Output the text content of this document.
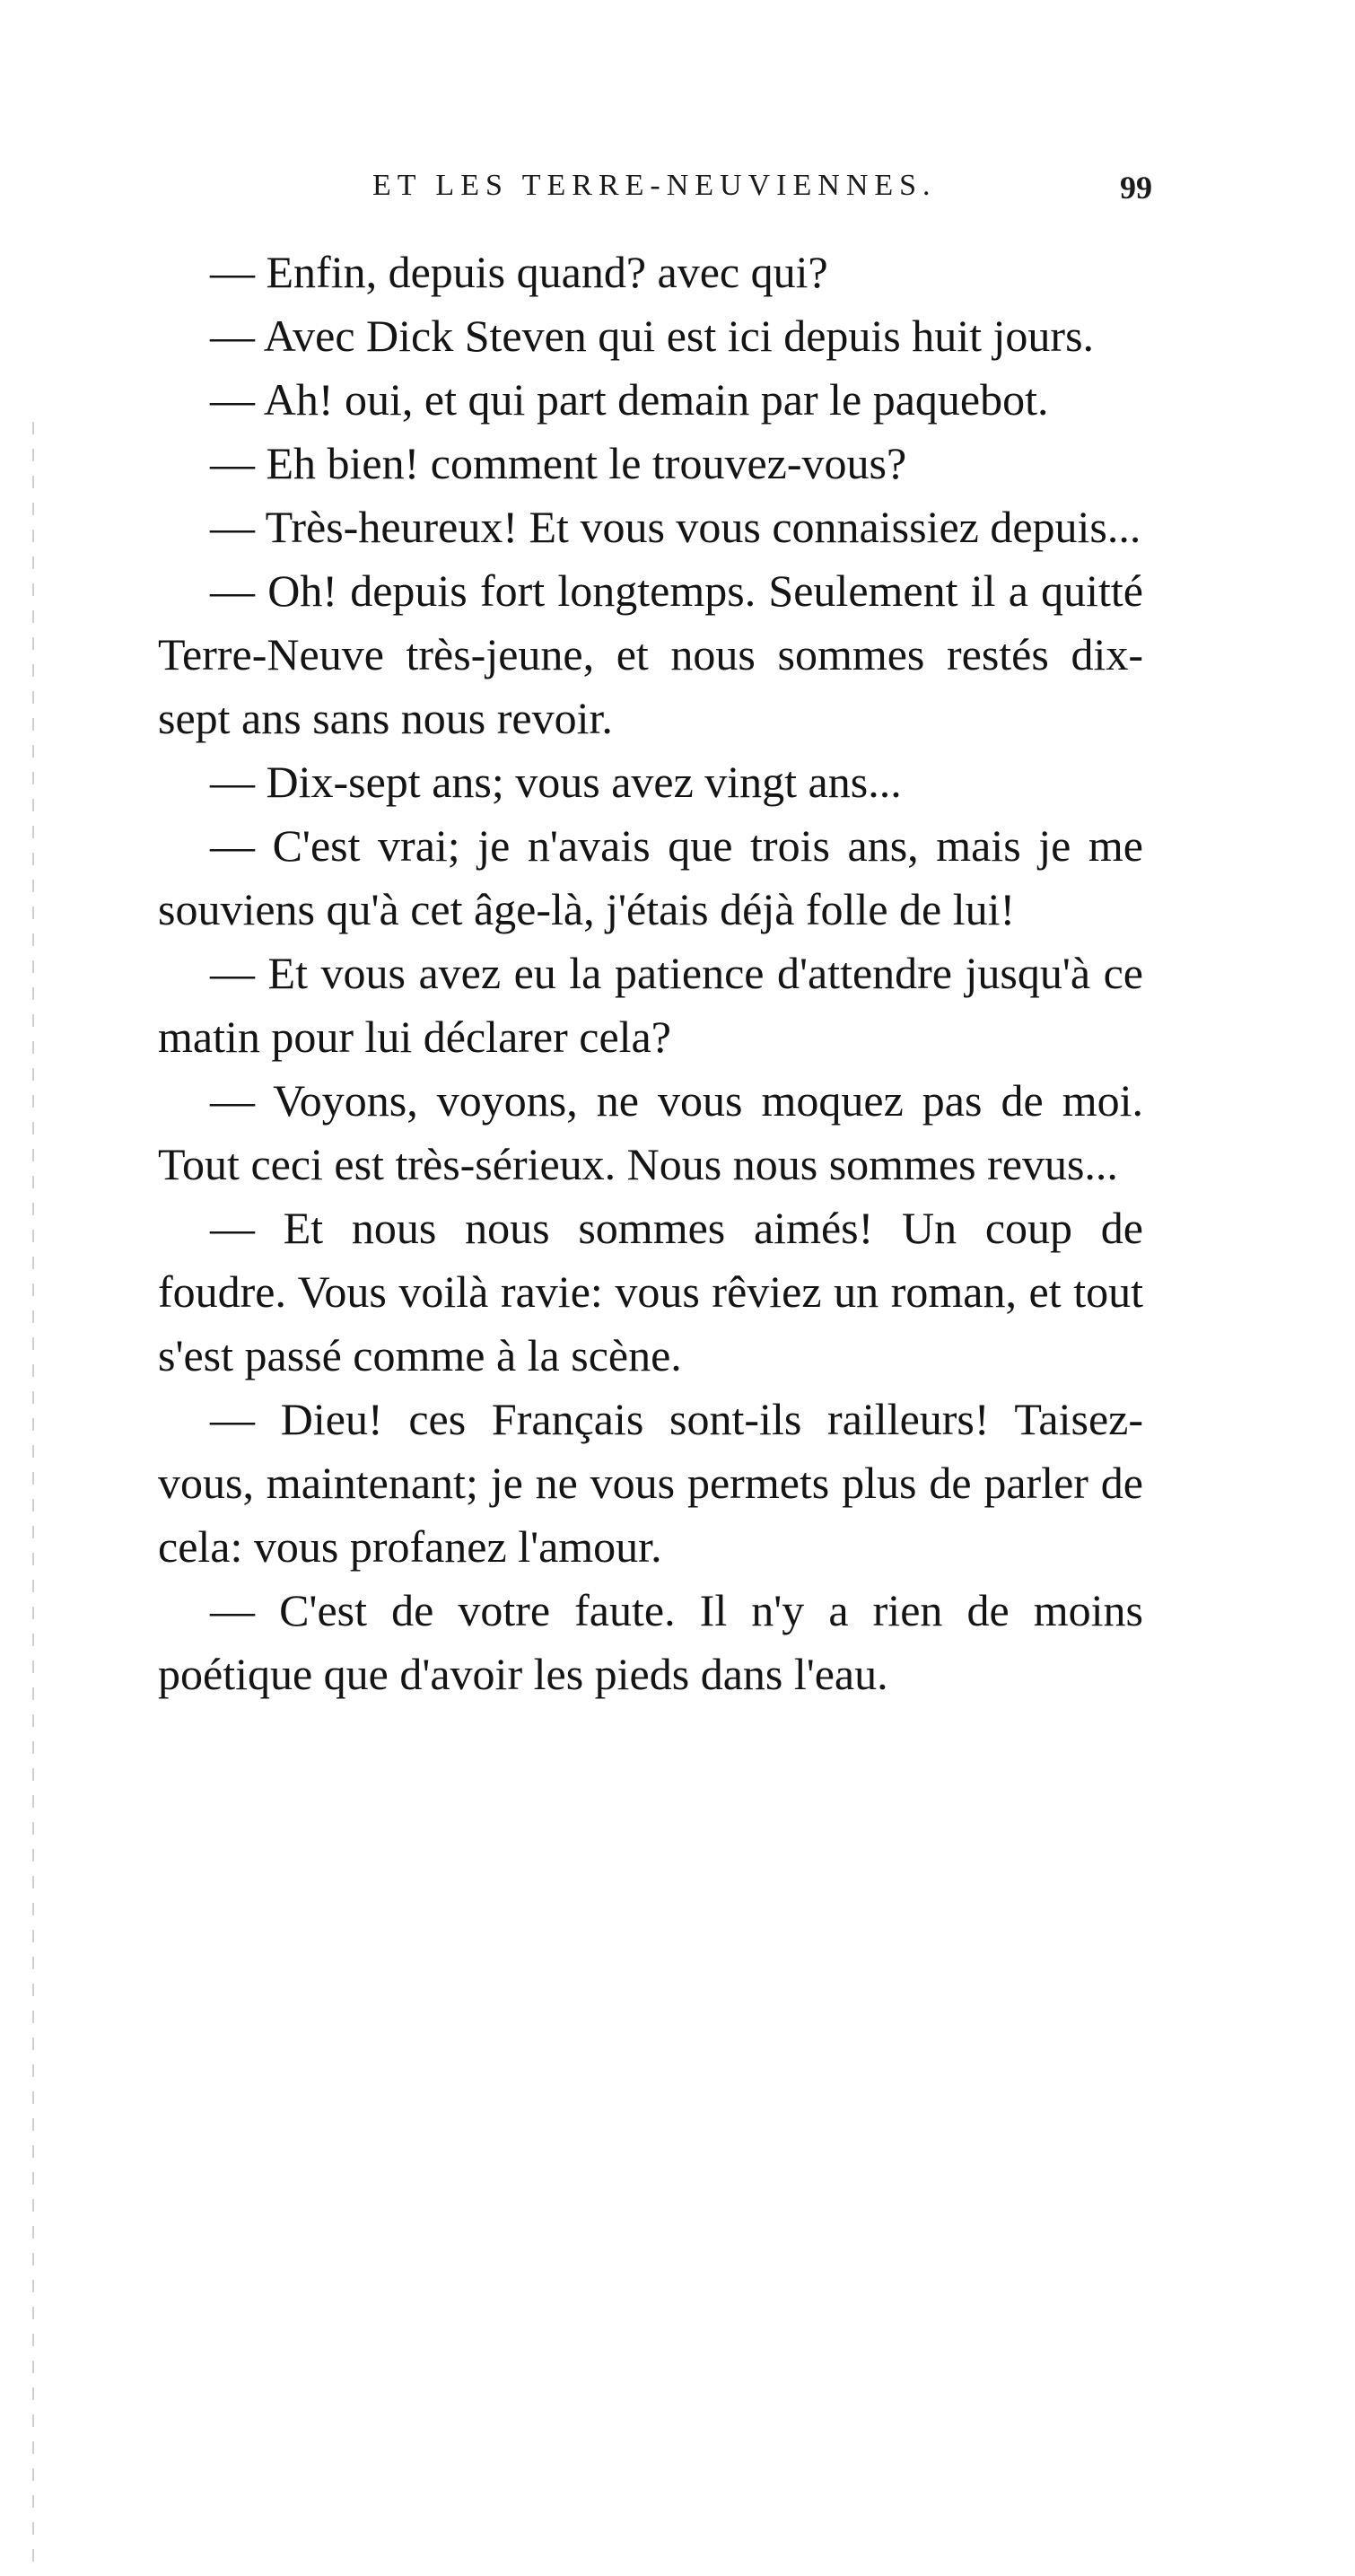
ET LES TERRE-NEUVIENNES.	99

— Enfin, depuis quand? avec qui?

— Avec Dick Steven qui est ici depuis huit jours.

— Ah! oui, et qui part demain par le paquebot.

— Eh bien! comment le trouvez-vous?

— Très-heureux! Et vous vous connaissiez depuis...

— Oh! depuis fort longtemps. Seulement il a quitté Terre-Neuve très-jeune, et nous sommes restés dix-sept ans sans nous revoir.

— Dix-sept ans; vous avez vingt ans...

— C'est vrai; je n'avais que trois ans, mais je me souviens qu'à cet âge-là, j'étais déjà folle de lui!

— Et vous avez eu la patience d'attendre jusqu'à ce matin pour lui déclarer cela?

— Voyons, voyons, ne vous moquez pas de moi. Tout ceci est très-sérieux. Nous nous sommes revus...

— Et nous nous sommes aimés! Un coup de foudre. Vous voilà ravie: vous rêviez un roman, et tout s'est passé comme à la scène.

— Dieu! ces Français sont-ils railleurs! Taisez-vous, maintenant; je ne vous permets plus de parler de cela: vous profanez l'amour.

— C'est de votre faute. Il n'y a rien de moins poétique que d'avoir les pieds dans l'eau.
